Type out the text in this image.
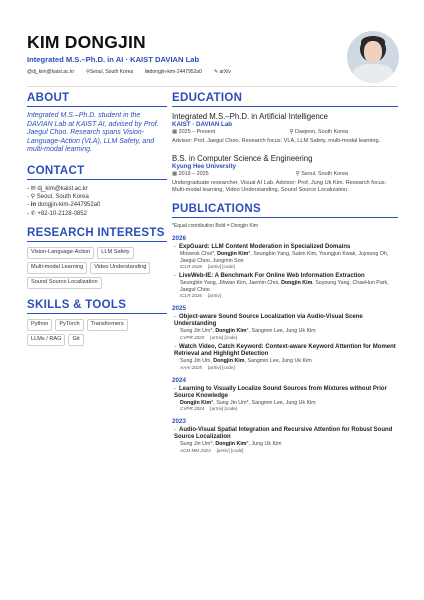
KIM DONGJIN
Integrated M.S.–Ph.D. in AI · KAIST DAVIAN Lab
@dj_kim@kaist.ac.kr ⚲Seoul, South Korea indongjin-kim-2447952a0 ✎ arXiv
ABOUT
Integrated M.S.–Ph.D. student in the DAVIAN Lab at KAIST AI, advised by Prof. Jaegul Choo. Research spans Vision-Language-Action (VLA), LLM Safety, and multi-modal learning.
CONTACT
- ✉ dj_kim@kaist.ac.kr
- ⚲ Seoul, South Korea
- in dongjin-kim-2447952a0
- ✆ +82-10-2128-0852
RESEARCH INTERESTS
Vision-Language-Action	LLM Safety
Multi-modal Learning	Video Understanding
Sound Source Localization
SKILLS & TOOLS
Python	PyTorch	Transformers
LLMs / RAG	Git
EDUCATION
Integrated M.S.–Ph.D. in Artificial Intelligence
KAIST · DAVIAN Lab
▦ 2025 – Present	⚲ Daejeon, South Korea
Advisor: Prof. Jaegul Choo. Research focus: VLA, LLM Safety, multi-modal learning.
B.S. in Computer Science & Engineering
Kyung Hee University
▦ 2019 – 2025	⚲ Seoul, South Korea
Undergraduate researcher, Visual AI Lab. Advisor: Prof. Jung Uk Kim. Research focus: Multi-modal learning, Video Understanding, Sound Source Localization.
PUBLICATIONS
*Equal contribution Bold = Dongjin Kim
2026
- ExpGuard: LLM Content Moderation in Specialized Domains
Minseok Choi*, Dongjin Kim*, Seungbin Yang, Subin Kim, Youngjun Kwak, Juyoung Oh, Jaegul Choo, Jungmin Son
ICLR 2026 [arXiv] [code]
- LiveWeb-IE: A Benchmark For Online Web Information Extraction
Seungbin Yang, Jihwan Kim, Jaemin Choi, Dongjin Kim, Soyoung Yang, ChaeHun Park, Jaegul Choo
ICLR 2026 [arXiv]
2025
- Object-aware Sound Source Localization via Audio-Visual Scene Understanding
Sung Jin Um*, Dongjin Kim*, Sangmin Lee, Jung Uk Kim
CVPR 2025 [arXiv] [code]
- Watch Video, Catch Keyword: Context-aware Keyword Attention for Moment Retrieval and Highlight Detection
Sung Jin Um, Dongjin Kim, Sangmin Lee, Jung Uk Kim
AAAI 2025 [arXiv] [code]
2024
- Learning to Visually Localize Sound Sources from Mixtures without Prior Source Knowledge
Dongjin Kim*, Sung Jin Um*, Sangmin Lee, Jung Uk Kim
CVPR 2024 [arXiv] [code]
2023
- Audio-Visual Spatial Integration and Recursive Attention for Robust Sound Source Localization
Sung Jin Um*, Dongjin Kim*, Jung Uk Kim
ACM MM 2023 [arXiv] [code]
